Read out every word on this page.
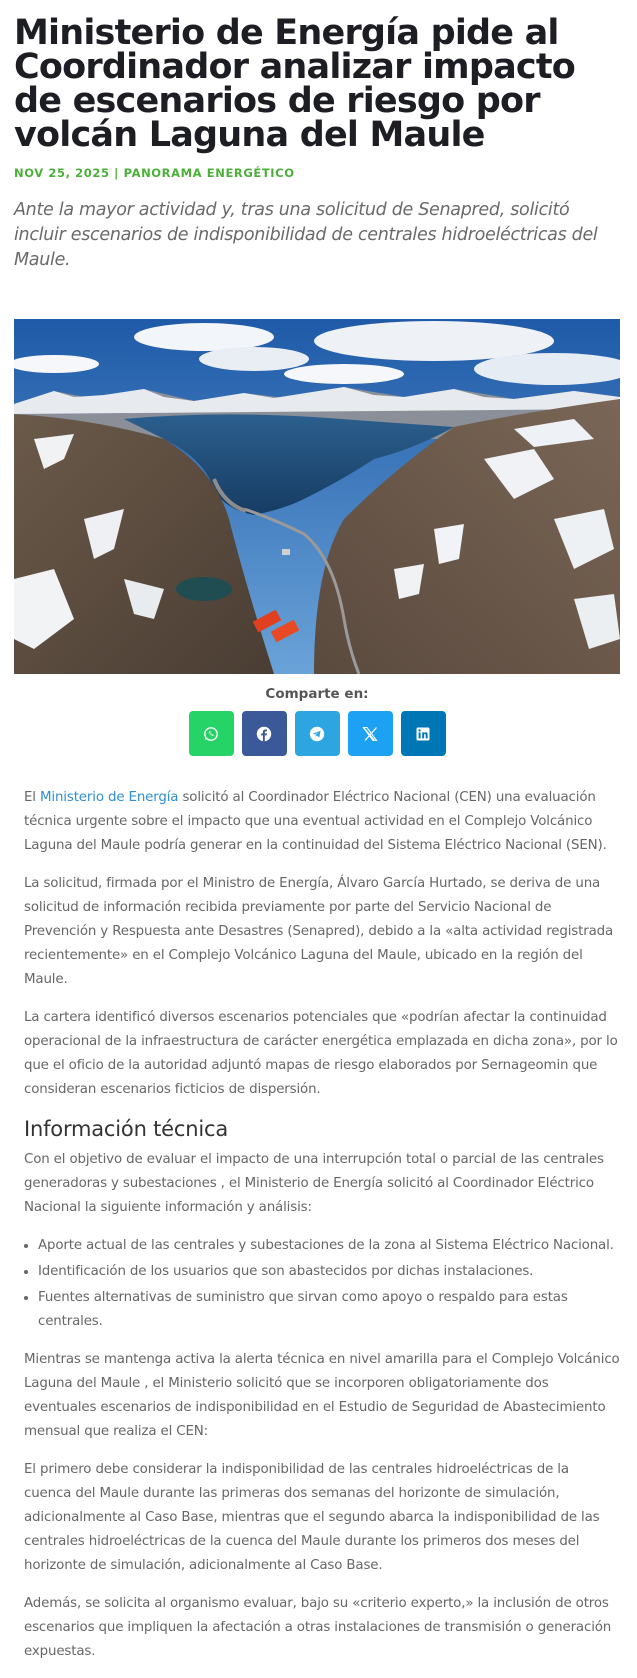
Ministerio de Energía pide al Coordinador analizar impacto de escenarios de riesgo por volcán Laguna del Maule
NOV 25, 2025 | PANORAMA ENERGÉTICO
Ante la mayor actividad y, tras una solicitud de Senapred, solicitó incluir escenarios de indisponibilidad de centrales hidroeléctricas del Maule.
Comparte en:

El Ministerio de Energía solicitó al Coordinador Eléctrico Nacional (CEN) una evaluación técnica urgente sobre el impacto que una eventual actividad en el Complejo Volcánico Laguna del Maule podría generar en la continuidad del Sistema Eléctrico Nacional (SEN).

La solicitud, firmada por el Ministro de Energía, Álvaro García Hurtado, se deriva de una solicitud de información recibida previamente por parte del Servicio Nacional de Prevención y Respuesta ante Desastres (Senapred), debido a la «alta actividad registrada recientemente» en el Complejo Volcánico Laguna del Maule, ubicado en la región del Maule.

La cartera identificó diversos escenarios potenciales que «podrían afectar la continuidad operacional de la infraestructura de carácter energética emplazada en dicha zona», por lo que el oficio de la autoridad adjuntó mapas de riesgo elaborados por Sernageomin que consideran escenarios ficticios de dispersión.

Información técnica

Con el objetivo de evaluar el impacto de una interrupción total o parcial de las centrales generadoras y subestaciones , el Ministerio de Energía solicitó al Coordinador Eléctrico Nacional la siguiente información y análisis:

• Aporte actual de las centrales y subestaciones de la zona al Sistema Eléctrico Nacional.
• Identificación de los usuarios que son abastecidos por dichas instalaciones.
• Fuentes alternativas de suministro que sirvan como apoyo o respaldo para estas centrales.

Mientras se mantenga activa la alerta técnica en nivel amarilla para el Complejo Volcánico Laguna del Maule , el Ministerio solicitó que se incorporen obligatoriamente dos eventuales escenarios de indisponibilidad en el Estudio de Seguridad de Abastecimiento mensual que realiza el CEN:

El primero debe considerar la indisponibilidad de las centrales hidroeléctricas de la cuenca del Maule durante las primeras dos semanas del horizonte de simulación, adicionalmente al Caso Base, mientras que el segundo abarca la indisponibilidad de las centrales hidroeléctricas de la cuenca del Maule durante los primeros dos meses del horizonte de simulación, adicionalmente al Caso Base.

Además, se solicita al organismo evaluar, bajo su «criterio experto,» la inclusión de otros escenarios que impliquen la afectación a otras instalaciones de transmisión o generación expuestas.
